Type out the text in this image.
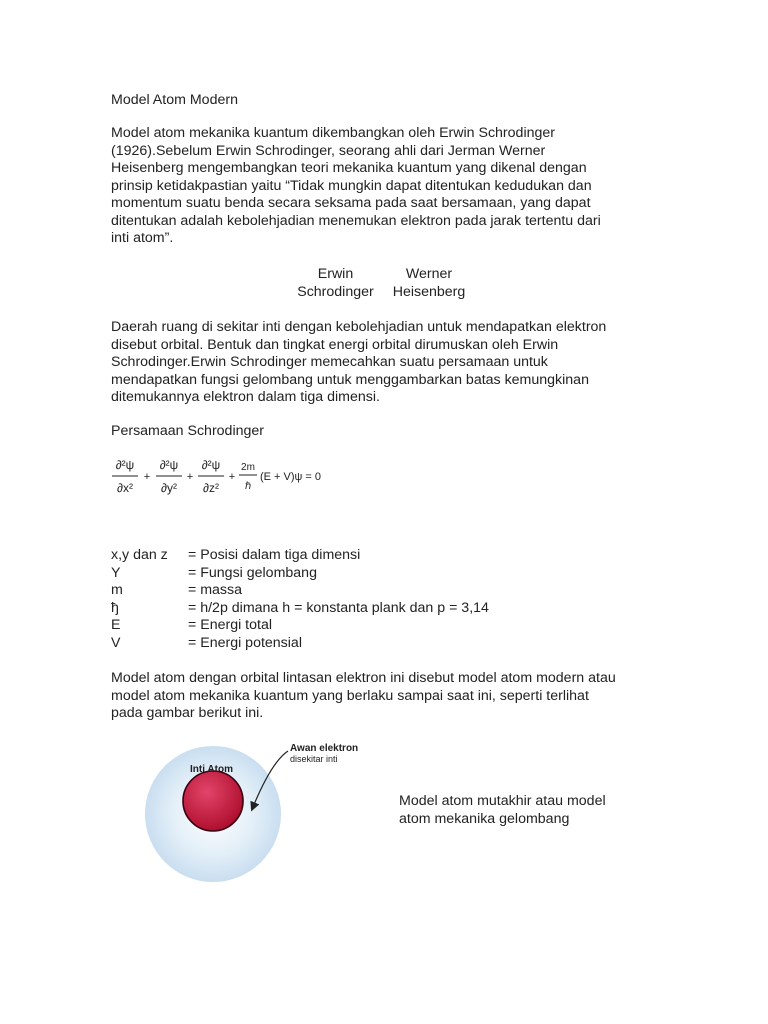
Model Atom Modern
Model atom mekanika kuantum dikembangkan oleh Erwin Schrodinger
(1926).Sebelum Erwin Schrodinger, seorang ahli dari Jerman Werner
Heisenberg mengembangkan teori mekanika kuantum yang dikenal dengan
prinsip ketidakpastian yaitu “Tidak mungkin dapat ditentukan kedudukan dan
momentum suatu benda secara seksama pada saat bersamaan, yang dapat
ditentukan adalah kebolehjadian menemukan elektron pada jarak tertentu dari
inti atom”.
Erwin
Schrodinger
Werner
Heisenberg
Daerah ruang di sekitar inti dengan kebolehjadian untuk mendapatkan elektron
disebut orbital. Bentuk dan tingkat energi orbital dirumuskan oleh Erwin
Schrodinger.Erwin Schrodinger memecahkan suatu persamaan untuk
mendapatkan fungsi gelombang untuk menggambarkan batas kemungkinan
ditemukannya elektron dalam tiga dimensi.
Persamaan Schrodinger
∂²ψ
∂x²
+
∂²ψ
∂y²
+
∂²ψ
∂z²
+
2m
ℏ
(E + V)ψ = 0
x,y dan z	= Posisi dalam tiga dimensi
Y	= Fungsi gelombang
m	= massa
ђ	= h/2p dimana h = konstanta plank dan p = 3,14
E	= Energi total
V	= Energi potensial
Model atom dengan orbital lintasan elektron ini disebut model atom modern atau
model atom mekanika kuantum yang berlaku sampai saat ini, seperti terlihat
pada gambar berikut ini.
Inti Atom
Awan elektron
disekitar inti
Model atom mutakhir atau model
atom mekanika gelombang
